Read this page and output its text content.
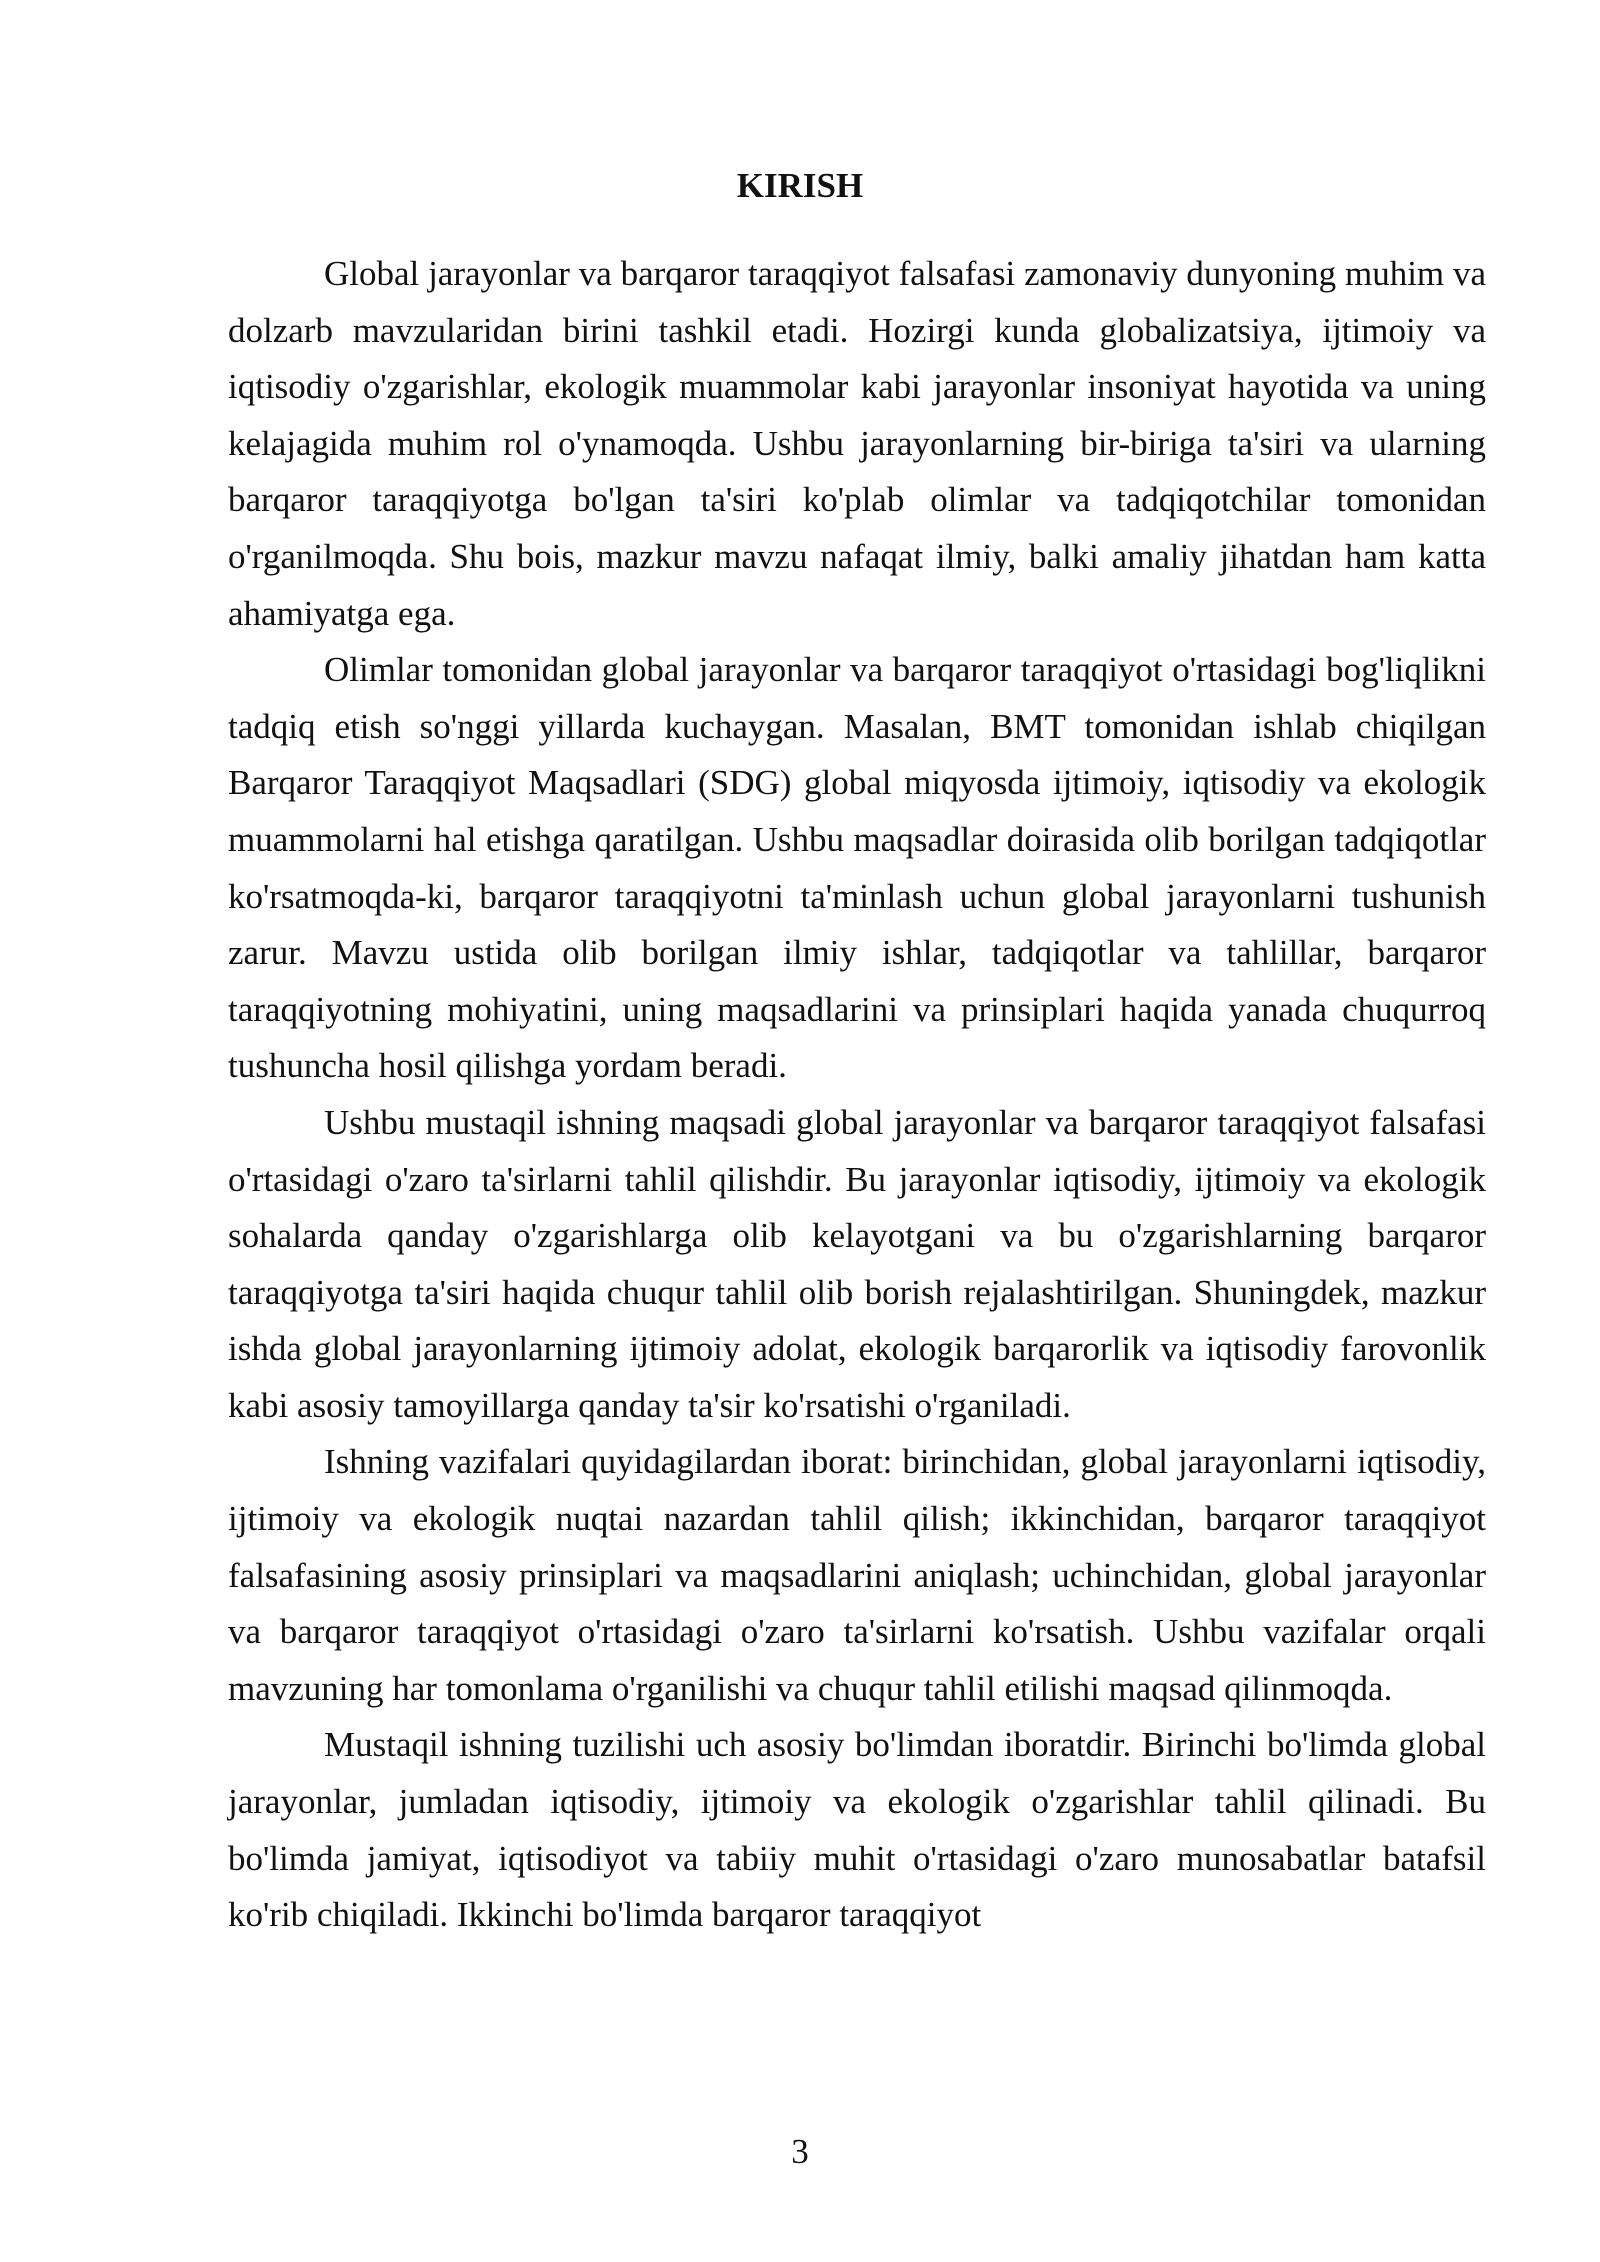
KIRISH

Global jarayonlar va barqaror taraqqiyot falsafasi zamonaviy dunyoning muhim va dolzarb mavzularidan birini tashkil etadi. Hozirgi kunda globalizatsiya, ijtimoiy va iqtisodiy o'zgarishlar, ekologik muammolar kabi jarayonlar insoniyat hayotida va uning kelajagida muhim rol o'ynamoqda. Ushbu jarayonlarning bir-biriga ta'siri va ularning barqaror taraqqiyotga bo'lgan ta'siri ko'plab olimlar va tadqiqotchilar tomonidan o'rganilmoqda. Shu bois, mazkur mavzu nafaqat ilmiy, balki amaliy jihatdan ham katta ahamiyatga ega.

Olimlar tomonidan global jarayonlar va barqaror taraqqiyot o'rtasidagi bog'liqlikni tadqiq etish so'nggi yillarda kuchaygan. Masalan, BMT tomonidan ishlab chiqilgan Barqaror Taraqqiyot Maqsadlari (SDG) global miqyosda ijtimoiy, iqtisodiy va ekologik muammolarni hal etishga qaratilgan. Ushbu maqsadlar doirasida olib borilgan tadqiqotlar ko'rsatmoqda-ki, barqaror taraqqiyotni ta'minlash uchun global jarayonlarni tushunish zarur. Mavzu ustida olib borilgan ilmiy ishlar, tadqiqotlar va tahlillar, barqaror taraqqiyotning mohiyatini, uning maqsadlarini va prinsiplari haqida yanada chuqurroq tushuncha hosil qilishga yordam beradi.

Ushbu mustaqil ishning maqsadi global jarayonlar va barqaror taraqqiyot falsafasi o'rtasidagi o'zaro ta'sirlarni tahlil qilishdir. Bu jarayonlar iqtisodiy, ijtimoiy va ekologik sohalarda qanday o'zgarishlarga olib kelayotgani va bu o'zgarishlarning barqaror taraqqiyotga ta'siri haqida chuqur tahlil olib borish rejalashtirilgan. Shuningdek, mazkur ishda global jarayonlarning ijtimoiy adolat, ekologik barqarorlik va iqtisodiy farovonlik kabi asosiy tamoyillarga qanday ta'sir ko'rsatishi o'rganiladi.

Ishning vazifalari quyidagilardan iborat: birinchidan, global jarayonlarni iqtisodiy, ijtimoiy va ekologik nuqtai nazardan tahlil qilish; ikkinchidan, barqaror taraqqiyot falsafasining asosiy prinsiplari va maqsadlarini aniqlash; uchinchidan, global jarayonlar va barqaror taraqqiyot o'rtasidagi o'zaro ta'sirlarni ko'rsatish. Ushbu vazifalar orqali mavzuning har tomonlama o'rganilishi va chuqur tahlil etilishi maqsad qilinmoqda.

Mustaqil ishning tuzilishi uch asosiy bo'limdan iboratdir. Birinchi bo'limda global jarayonlar, jumladan iqtisodiy, ijtimoiy va ekologik o'zgarishlar tahlil qilinadi. Bu bo'limda jamiyat, iqtisodiyot va tabiiy muhit o'rtasidagi o'zaro munosabatlar batafsil ko'rib chiqiladi. Ikkinchi bo'limda barqaror taraqqiyot

3
